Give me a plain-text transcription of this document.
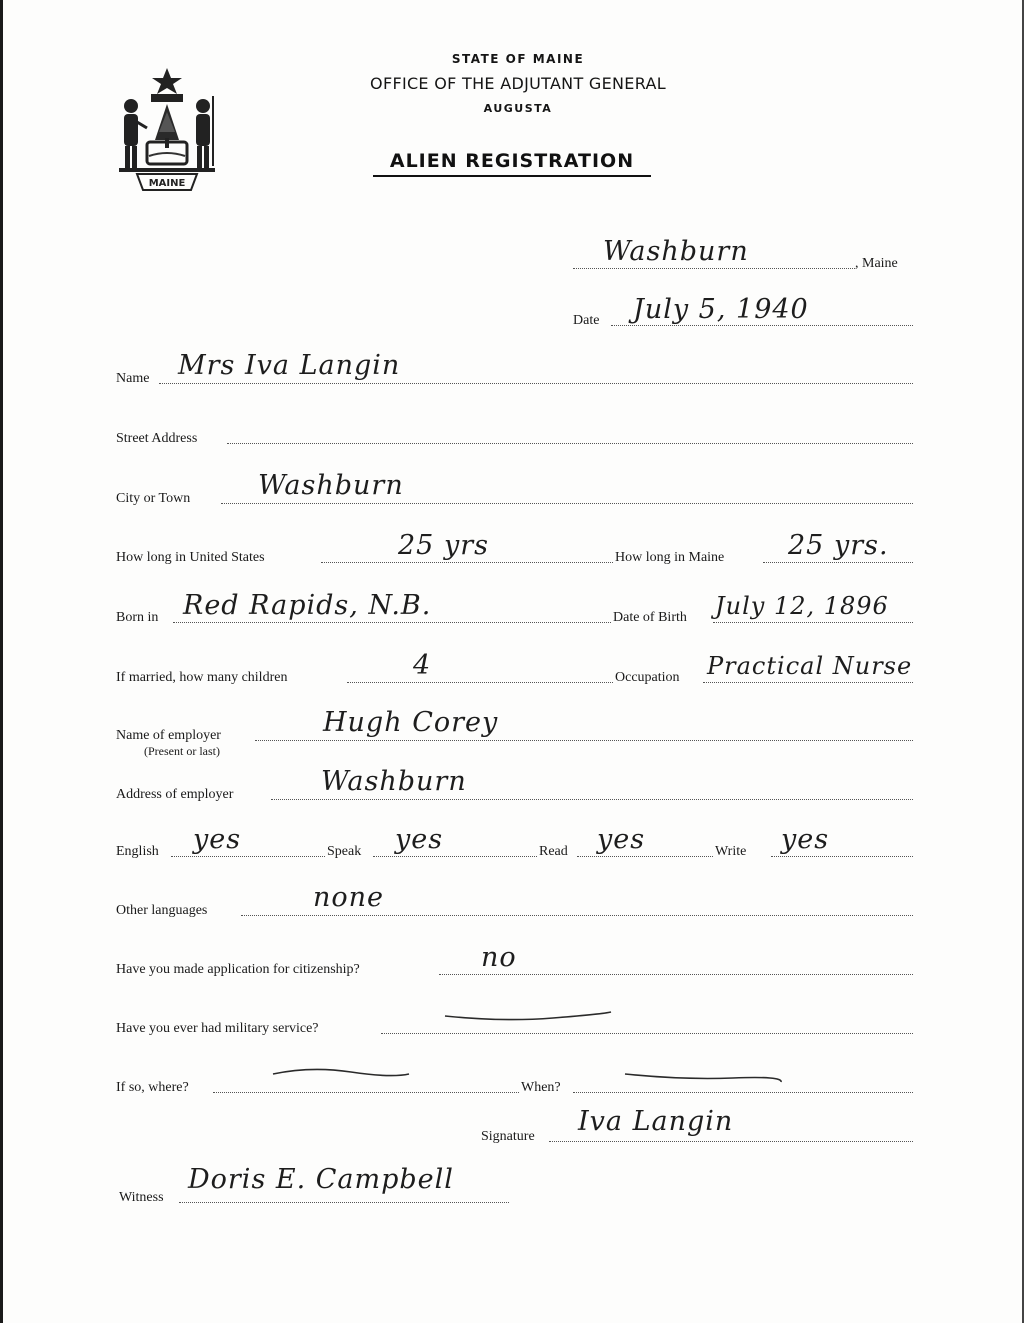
MAINE
STATE OF MAINE
OFFICE OF THE ADJUTANT GENERAL
AUGUSTA
ALIEN REGISTRATION
Washburn	, Maine
Date July 5, 1940
Name Mrs Iva Langin
Street Address
City or Town	Washburn
How long in United States	25 yrs	How long in Maine 25 yrs.
Born in Red Rapids, N.B.	Date of Birth July 12, 1896
If married, how many children	4	Occupation Practical Nurse
Name of employer
(Present or last)
Hugh Corey
Address of employer	Washburn
English yes	Speak yes	Read yes	Write yes
Other languages	none
Have you made application for citizenship?	no
Have you ever had military service?
If so, where?	When?
Signature Iva Langin
Witness
Doris E. Campbell
